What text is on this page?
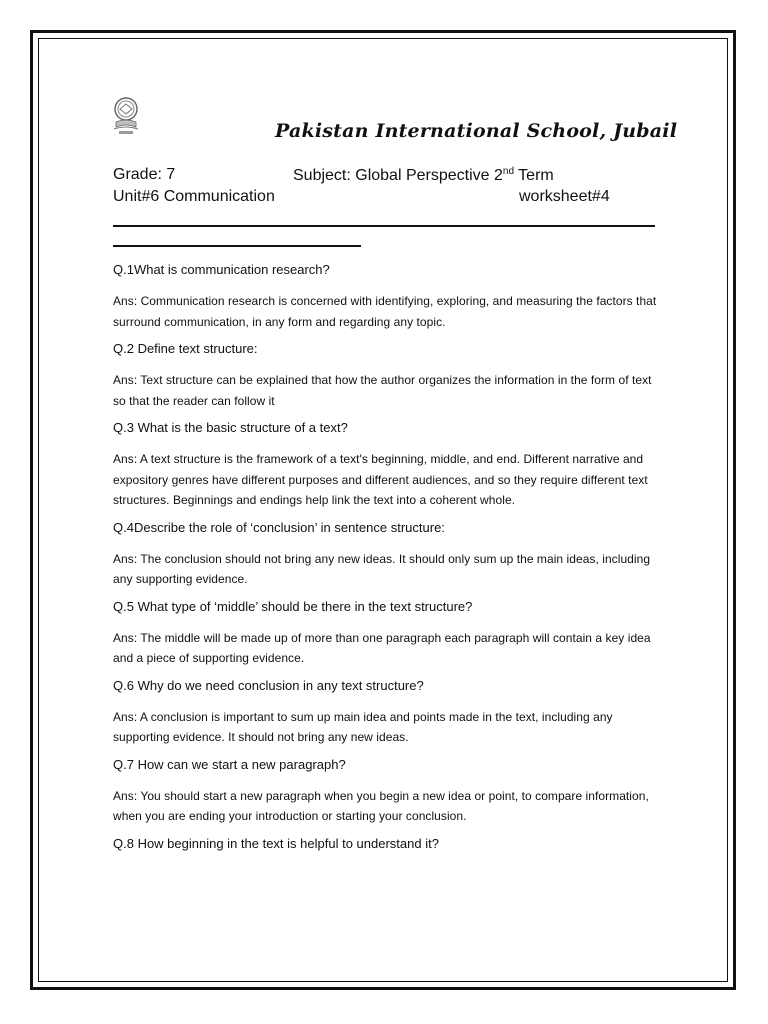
Pakistan International School, Jubail
Grade: 7	Subject: Global Perspective 2nd Term
Unit#6 Communication	worksheet#4
Q.1What is communication research?
Ans: Communication research is concerned with identifying, exploring, and measuring the factors that surround communication, in any form and regarding any topic.
Q.2 Define text structure:
Ans: Text structure can be explained that how the author organizes the information in the form of text so that the reader can follow it
Q.3 What is the basic structure of a text?
Ans: A text structure is the framework of a text's beginning, middle, and end. Different narrative and expository genres have different purposes and different audiences, and so they require different text structures. Beginnings and endings help link the text into a coherent whole.
Q.4Describe the role of ‘conclusion’ in sentence structure:
Ans: The conclusion should not bring any new ideas. It should only sum up the main ideas, including any supporting evidence.
Q.5 What type of ‘middle’ should be there in the text structure?
Ans: The middle will be made up of more than one paragraph each paragraph will contain a key idea and a piece of supporting evidence.
Q.6 Why do we need conclusion in any text structure?
Ans: A conclusion is important to sum up main idea and points made in the text, including any supporting evidence. It should not bring any new ideas.
Q.7 How can we start a new paragraph?
Ans: You should start a new paragraph when you begin a new idea or point, to compare information, when you are ending your introduction or starting your conclusion.
Q.8 How beginning in the text is helpful to understand it?
